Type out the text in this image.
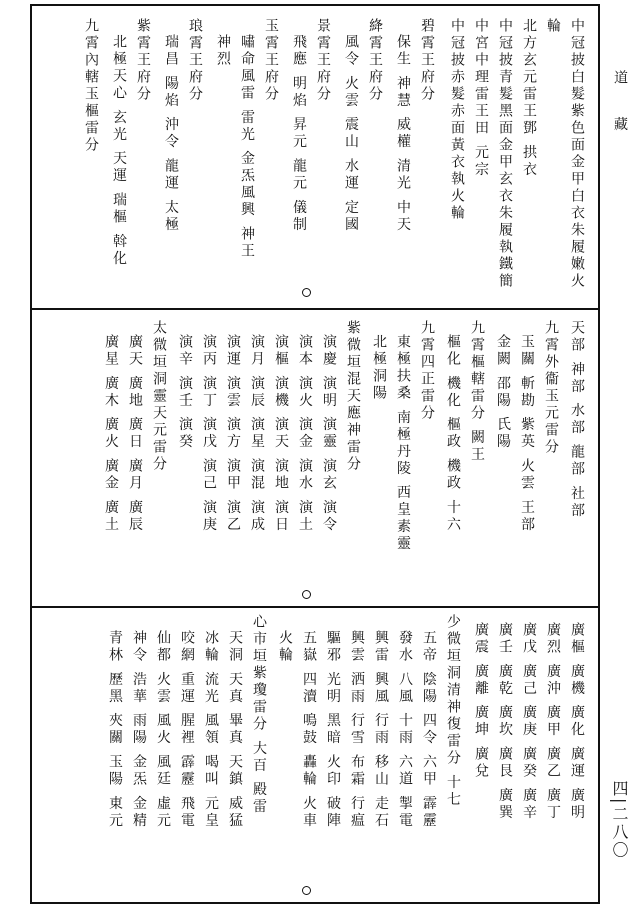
中冠披白髮紫色面金甲白衣朱履嫩火
輪
北方玄元雷王鄧 拱衣
中冠披青髮黑面金甲玄衣朱履執鐵簡
中宮中理雷王田 元宗
中冠披赤髮赤面黃衣執火輪
碧霄王府分
保生 神慧 威權 清光 中天
絳霄王府分
風令 火雲 震山 水運 定國
景霄王府分
飛應 明焰 昇元 龍元 儀制
玉霄王府分
嘯命風雷 雷光 金炁風興 神王
神烈
琅霄王府分
瑞昌 陽焰 沖令 龍運 太極
紫霄王府分
北極天心 玄光 天運 瑞樞 斡化
九霄內轄玉樞雷分
天部 神部 水部 龍部 社部
九霄外衞玉元雷分
玉關 斬勘 紫英 火雲 王部
金闕 邵陽 氏陽
九霄樞轄雷分 闕王
樞化 機化 樞政 機政 十六
九霄四正雷分
東極扶桑 南極丹陵 西皇素靈
北極洞陽
紫微垣混天應神雷分
演慶 演明 演靈 演玄 演令
演本 演火 演金 演水 演土
演樞 演機 演天 演地 演日
演月 演辰 演星 演混 演成
演運 演雲 演方 演甲 演乙
演丙 演丁 演戊 演己 演庚
演辛 演壬 演癸
太微垣洞靈天元雷分
廣天 廣地 廣日 廣月 廣辰
廣星 廣木 廣火 廣金 廣土
廣樞 廣機 廣化 廣運 廣明
廣烈 廣沖 廣甲 廣乙 廣丁
廣戊 廣己 廣庚 廣癸 廣辛
廣壬 廣乾 廣坎 廣艮 廣巽
廣震 廣離 廣坤 廣兌
少微垣洞清神復雷分 十七
五帝 陰陽 四令 六甲 霹靂
發水 八風 十雨 六道 掣電
興雷 興風 行雨 移山 走石
興雲 洒雨 行雪 布霜 行瘟
驅邪 光明 黑暗 火印 破陣
五嶽 四瀆 鳴鼓 轟輪 火車
火輪
心市垣紫瓊雷分 大百 殿雷
天洞 天真 畢真 天鎮 威猛
冰輪 流光 風領 喝叫 元皇
咬網 重運 腥裡 霹靂 飛電
仙都 火雲 風火 風廷 虛元
神令 浩華 雨陽 金炁 金精
青林 歷黑 夾關 玉陽 東元
道 藏
四|二八〇
